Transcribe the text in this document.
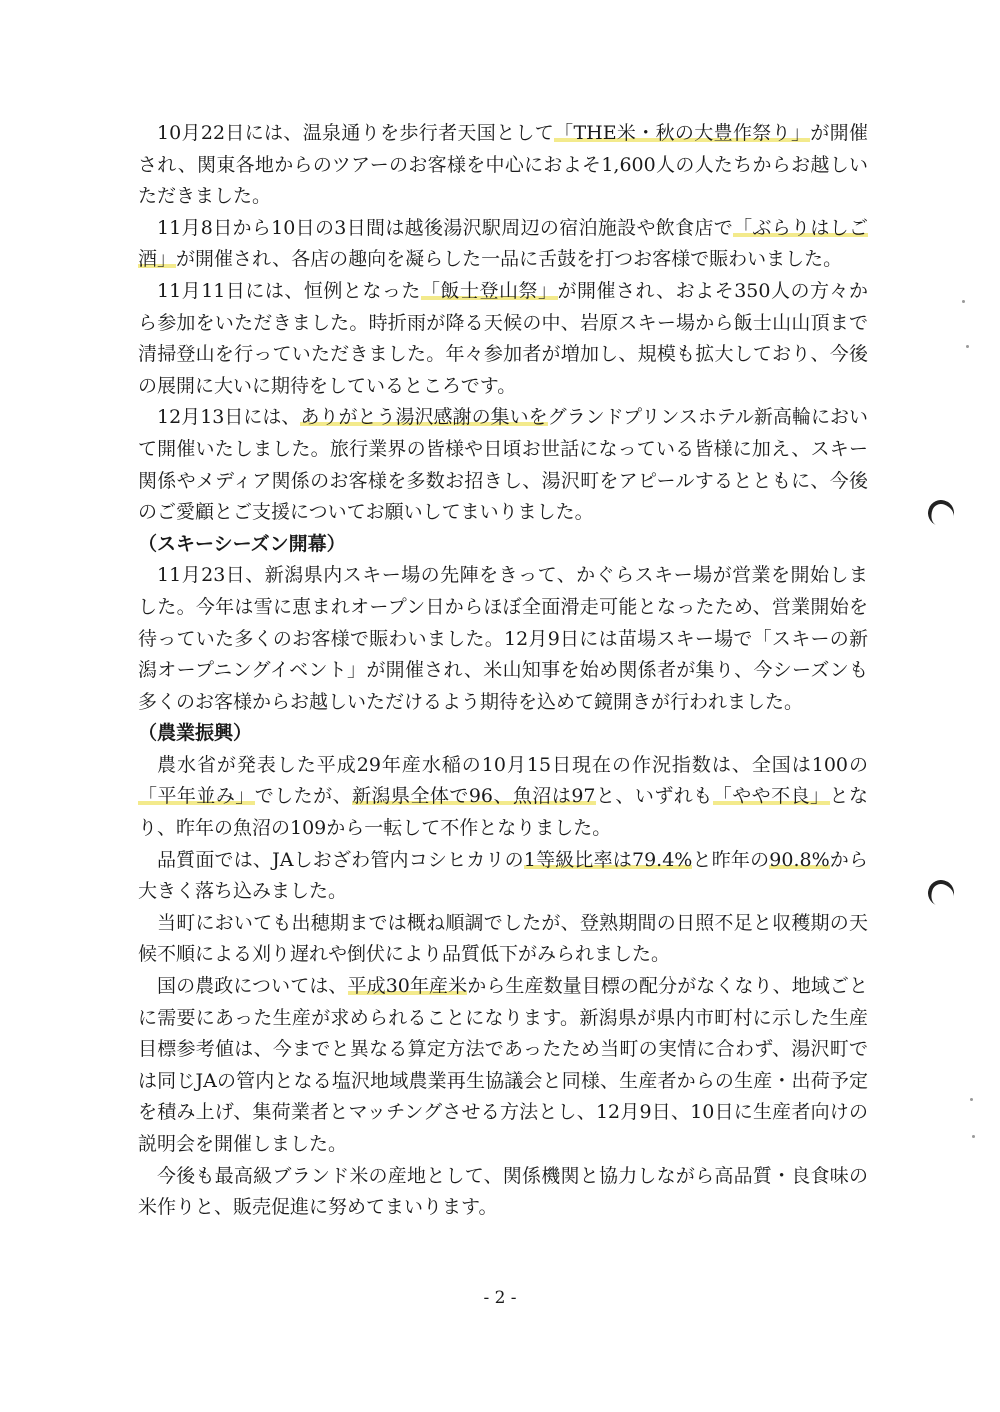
10月22日には、温泉通りを歩行者天国として「THE米・秋の大豊作祭り」が開催され、関東各地からのツアーのお客様を中心におよそ1,600人の人たちからお越しいただきました。

11月8日から10日の3日間は越後湯沢駅周辺の宿泊施設や飲食店で「ぶらりはしご酒」が開催され、各店の趣向を凝らした一品に舌鼓を打つお客様で賑わいました。

11月11日には、恒例となった「飯士登山祭」が開催され、およそ350人の方々から参加をいただきました。時折雨が降る天候の中、岩原スキー場から飯士山山頂まで清掃登山を行っていただきました。年々参加者が増加し、規模も拡大しており、今後の展開に大いに期待をしているところです。

12月13日には、ありがとう湯沢感謝の集いをグランドプリンスホテル新高輪において開催いたしました。旅行業界の皆様や日頃お世話になっている皆様に加え、スキー関係やメディア関係のお客様を多数お招きし、湯沢町をアピールするとともに、今後のご愛顧とご支援についてお願いしてまいりました。

（スキーシーズン開幕）

11月23日、新潟県内スキー場の先陣をきって、かぐらスキー場が営業を開始しました。今年は雪に恵まれオープン日からほぼ全面滑走可能となったため、営業開始を待っていた多くのお客様で賑わいました。12月9日には苗場スキー場で「スキーの新潟オープニングイベント」が開催され、米山知事を始め関係者が集り、今シーズンも多くのお客様からお越しいただけるよう期待を込めて鏡開きが行われました。

（農業振興）

農水省が発表した平成29年産水稲の10月15日現在の作況指数は、全国は100の「平年並み」でしたが、新潟県全体で96、魚沼は97と、いずれも「やや不良」となり、昨年の魚沼の109から一転して不作となりました。

品質面では、JAしおざわ管内コシヒカリの1等級比率は79.4%と昨年の90.8%から大きく落ち込みました。

当町においても出穂期までは概ね順調でしたが、登熟期間の日照不足と収穫期の天候不順による刈り遅れや倒伏により品質低下がみられました。

国の農政については、平成30年産米から生産数量目標の配分がなくなり、地域ごとに需要にあった生産が求められることになります。新潟県が県内市町村に示した生産目標参考値は、今までと異なる算定方法であったため当町の実情に合わず、湯沢町では同じJAの管内となる塩沢地域農業再生協議会と同様、生産者からの生産・出荷予定を積み上げ、集荷業者とマッチングさせる方法とし、12月9日、10日に生産者向けの説明会を開催しました。

今後も最高級ブランド米の産地として、関係機関と協力しながら高品質・良食味の米作りと、販売促進に努めてまいります。

- 2 -
